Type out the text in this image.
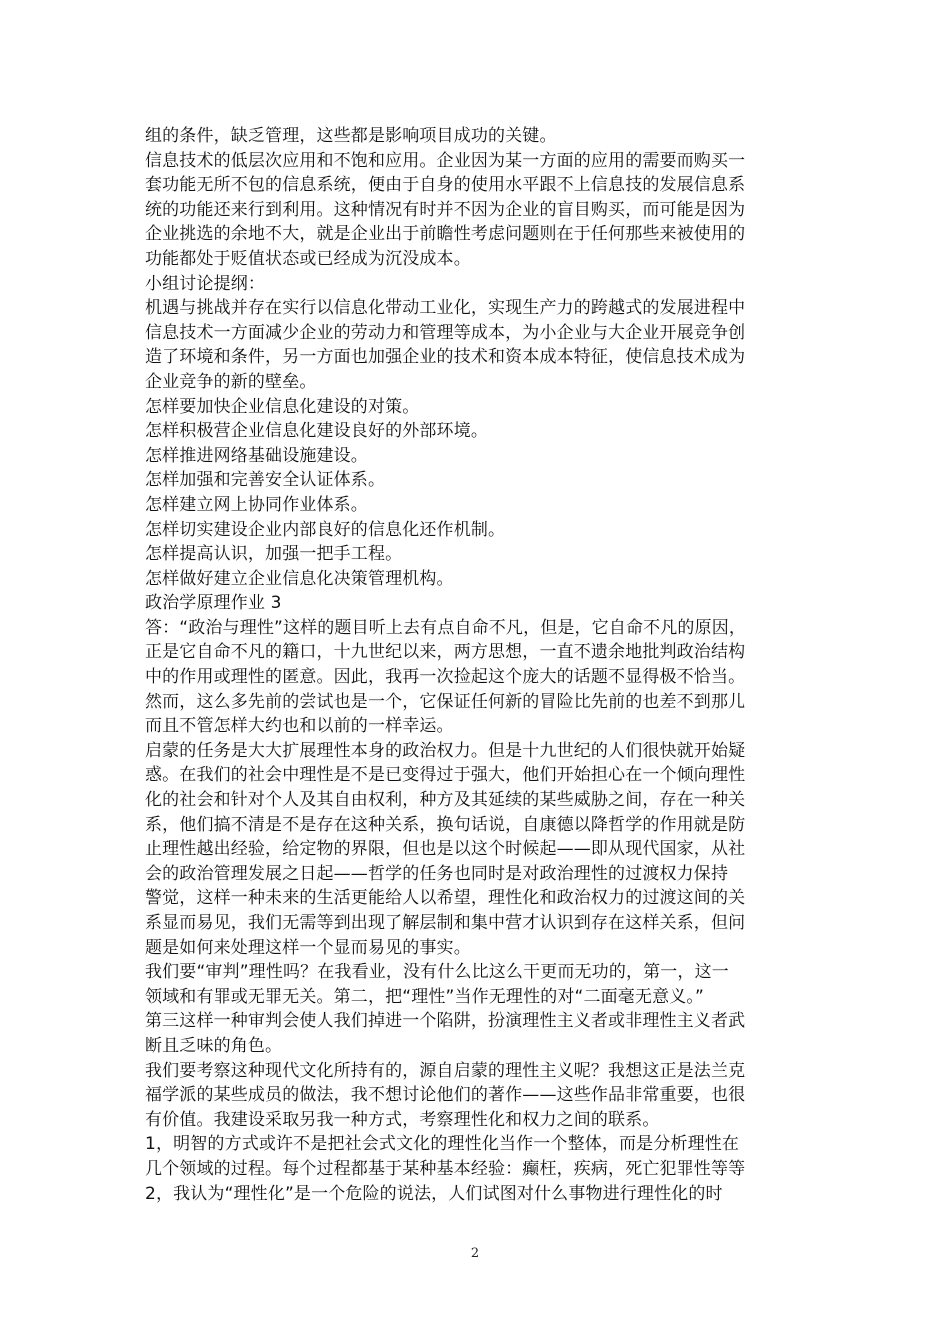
组的条件，缺乏管理，这些都是影响项目成功的关键。
信息技术的低层次应用和不饱和应用。企业因为某一方面的应用的需要而购买一
套功能无所不包的信息系统，便由于自身的使用水平跟不上信息技的发展信息系
统的功能还来行到利用。这种情况有时并不因为企业的盲目购买，而可能是因为
企业挑选的余地不大，就是企业出于前瞻性考虑问题则在于任何那些来被使用的
功能都处于贬值状态或已经成为沉没成本。
小组讨论提纲：
机遇与挑战并存在实行以信息化带动工业化，实现生产力的跨越式的发展进程中
信息技术一方面减少企业的劳动力和管理等成本，为小企业与大企业开展竞争创
造了环境和条件，另一方面也加强企业的技术和资本成本特征，使信息技术成为
企业竞争的新的壁垒。
怎样要加快企业信息化建设的对策。
怎样积极营企业信息化建设良好的外部环境。
怎样推进网络基础设施建设。
怎样加强和完善安全认证体系。
怎样建立网上协同作业体系。
怎样切实建设企业内部良好的信息化还作机制。
怎样提高认识，加强一把手工程。
怎样做好建立企业信息化决策管理机构。
政治学原理作业 3
答：“政治与理性”这样的题目听上去有点自命不凡，但是，它自命不凡的原因，
正是它自命不凡的籍口，十九世纪以来，两方思想，一直不遗余地批判政治结构
中的作用或理性的匿意。因此，我再一次捡起这个庞大的话题不显得极不恰当。
然而，这么多先前的尝试也是一个，它保证任何新的冒险比先前的也差不到那儿
而且不管怎样大约也和以前的一样幸运。
启蒙的任务是大大扩展理性本身的政治权力。但是十九世纪的人们很快就开始疑
惑。在我们的社会中理性是不是已变得过于强大，他们开始担心在一个倾向理性
化的社会和针对个人及其自由权利，种方及其延续的某些威胁之间，存在一种关
系，他们搞不清是不是存在这种关系，换句话说，自康德以降哲学的作用就是防
止理性越出经验，给定物的界限，但也是以这个时候起——即从现代国家，从社
会的政治管理发展之日起——哲学的任务也同时是对政治理性的过渡权力保持
警觉，这样一种未来的生活更能给人以希望，理性化和政治权力的过渡这间的关
系显而易见，我们无需等到出现了解层制和集中营才认识到存在这样关系，但问
题是如何来处理这样一个显而易见的事实。
我们要“审判”理性吗？在我看业，没有什么比这么干更而无功的，第一，这一
领域和有罪或无罪无关。第二，把“理性”当作无理性的对“二面毫无意义。”
第三这样一种审判会使人我们掉进一个陷阱，扮演理性主义者或非理性主义者武
断且乏味的角色。
我们要考察这种现代文化所持有的，源自启蒙的理性主义呢？我想这正是法兰克
福学派的某些成员的做法，我不想讨论他们的著作——这些作品非常重要，也很
有价值。我建设采取另我一种方式，考察理性化和权力之间的联系。
1，明智的方式或许不是把社会式文化的理性化当作一个整体，而是分析理性在
几个领域的过程。每个过程都基于某种基本经验：癫枉，疾病，死亡犯罪性等等
2，我认为“理性化”是一个危险的说法，人们试图对什么事物进行理性化的时
2
